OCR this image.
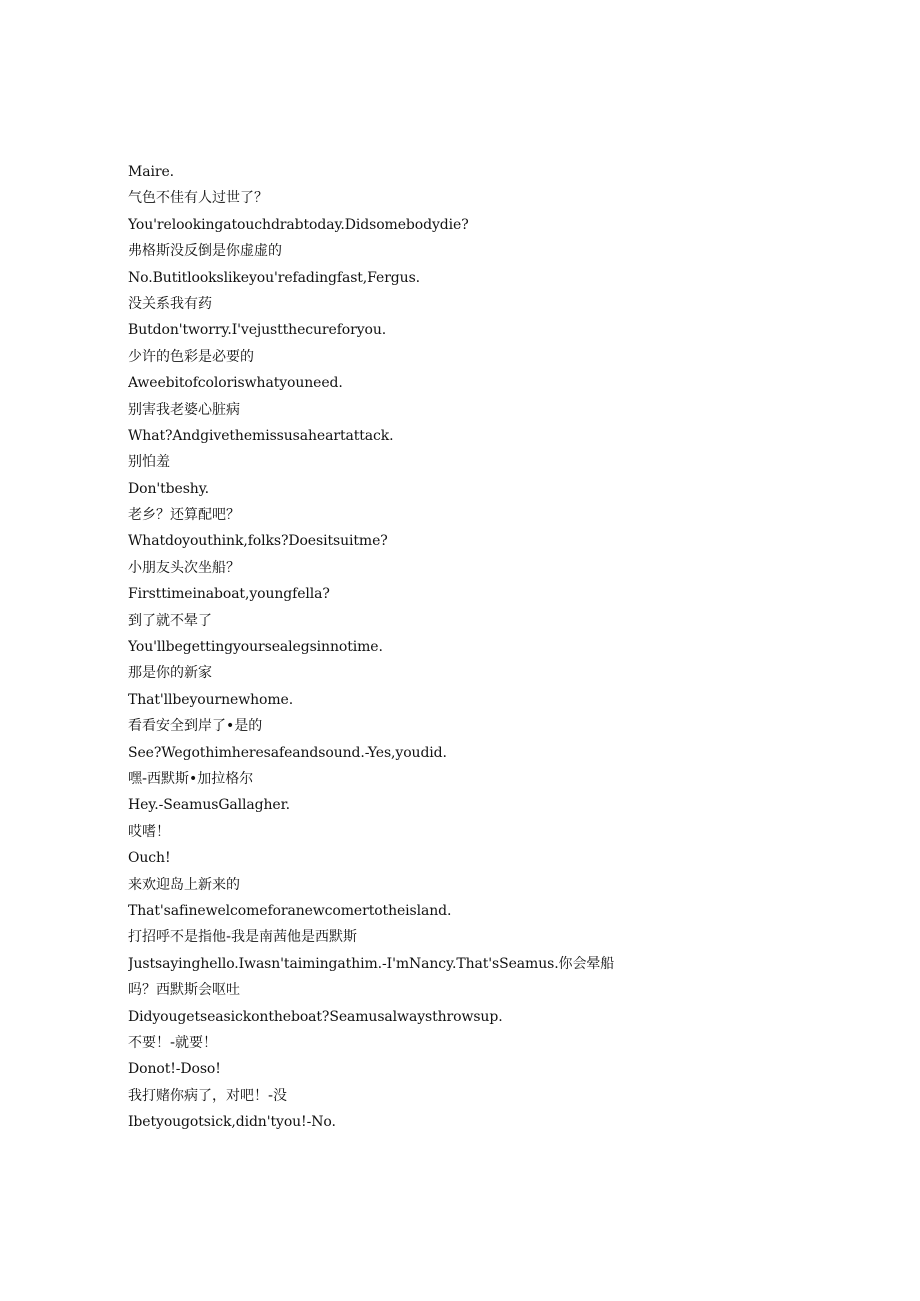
Maire.
气色不佳有人过世了？
You'relookingatouchdrabtoday.Didsomebodydie?
弗格斯没反倒是你虚虚的
No.Butitlookslikeyou'refadingfast,Fergus.
没关系我有药
Butdon'tworry.I'vejustthecureforyou.
少许的色彩是必要的
Aweebitofcoloriswhatyouneed.
别害我老婆心脏病
What?Andgivethemissusaheartattack.
别怕羞
Don'tbeshy.
老乡？还算配吧？
Whatdoyouthink,folks?Doesitsuitme?
小朋友头次坐船？
Firsttimeinaboat,youngfella?
到了就不晕了
You'llbegettingyoursealegsinnotime.
那是你的新家
That'llbeyournewhome.
看看安全到岸了•是的
See?Wegothimheresafeandsound.-Yes,youdid.
嘿-西默斯•加拉格尔
Hey.-SeamusGallagher.
哎嗜！
Ouch!
来欢迎岛上新来的
That'safinewelcomeforanewcomertotheisland.
打招呼不是指他-我是南茜他是西默斯
Justsayinghello.Iwasn'taimingathim.-I'mNancy.That'sSeamus.你会晕船
吗？西默斯会呕吐
Didyougetseasickontheboat?Seamusalwaysthrowsup.
不要！-就要！
Donot!-Doso!
我打赌你病了，对吧！-没
Ibetyougotsick,didn'tyou!-No.
